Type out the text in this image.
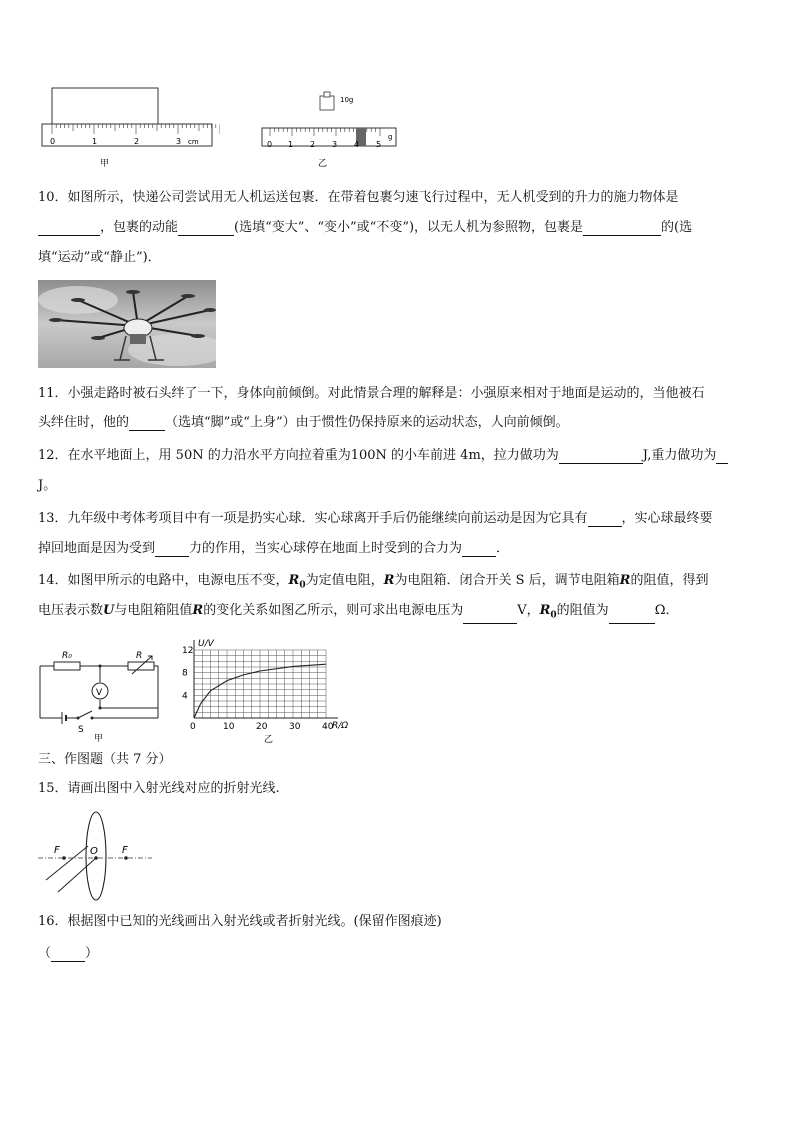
0	1	2	3 cm
甲
10g
0 1 2 3 4 5
g
乙
10．如图所示，快递公司尝试用无人机运送包裹．在带着包裹匀速飞行过程中，无人机受到的升力的施力物体是
，包裹的动能	(选填“变大”、“变小”或“不变”)，以无人机为参照物，包裹是	的(选
填“运动”或“静止”)．
11．小强走路时被石头绊了一下，身体向前倾倒。对此情景合理的解释是：小强原来相对于地面是运动的，当他被石
头绊住时，他的	（选填“脚”或“上身”）由于惯性仍保持原来的运动状态，人向前倾倒。
12．在水平地面上，用 50N 的力沿水平方向拉着重为100N 的小车前进 4m，拉力做功为	J,重力做功为
J。
13．九年级中考体考项目中有一项是扔实心球．实心球离开手后仍能继续向前运动是因为它具有	，实心球最终要
掉回地面是因为受到	力的作用，当实心球停在地面上时受到的合力为	．
14．如图甲所示的电路中，电源电压不变，$R_0$为定值电阻，R为电阻箱．闭合开关 S 后，调节电阻箱R的阻值，得到
电压表示数U与电阻箱阻值R的变化关系如图乙所示，则可求出电源电压为	V，$R_0$的阻值为	Ω．
R₀	R
V
S
甲
0	10 20 30 40
4
8
12
U/V
R/Ω
乙
三、作图题（共 7 分）
15．请画出图中入射光线对应的折射光线.
F	O F
16．根据图中已知的光线画出入射光线或者折射光线。(保留作图痕迹)
（	）
